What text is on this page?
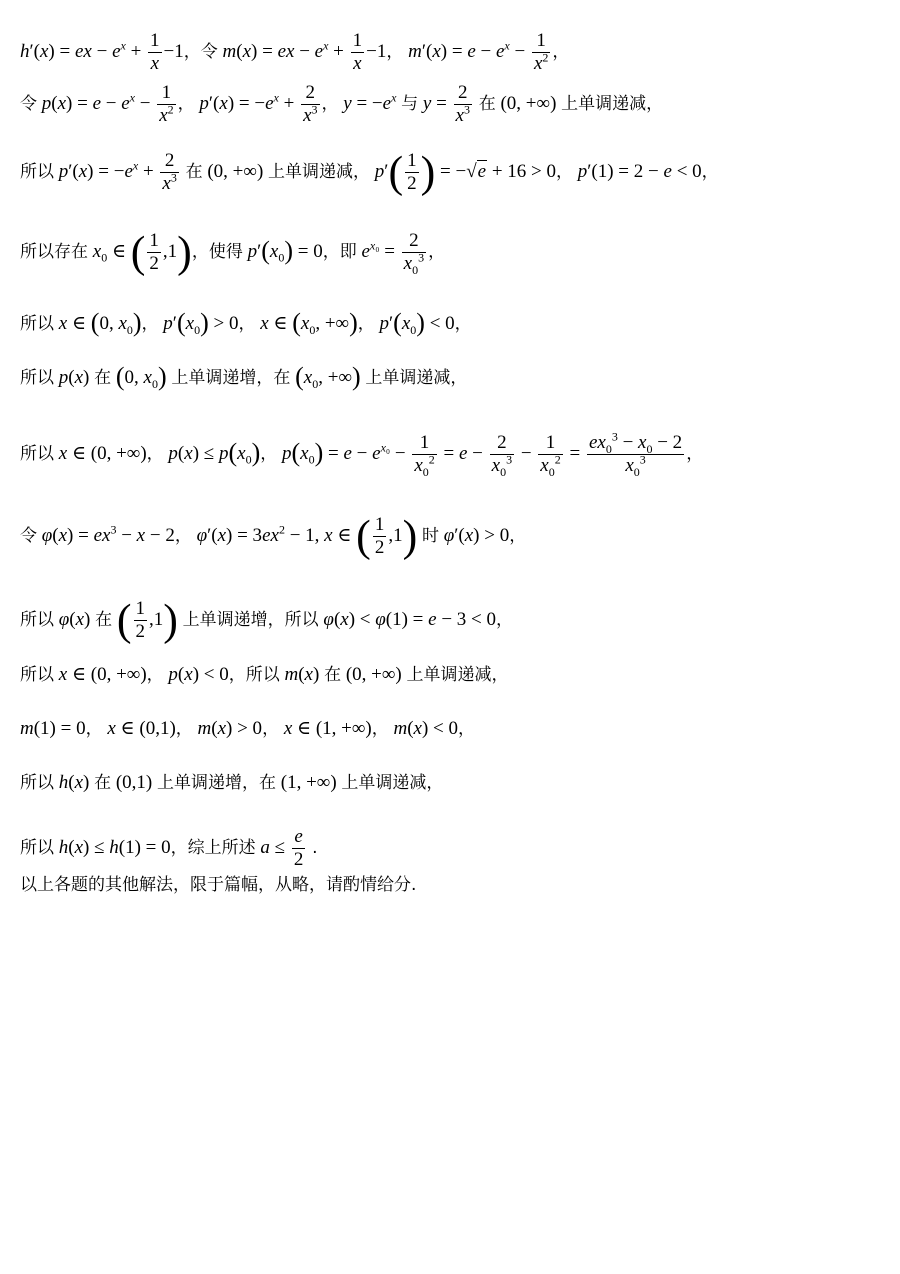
h′(x) = ex − $e^x + \frac{1}{x} -1$，令 m(x) = ex − $e^x + \frac{1}{x} -1$， $m'(x) = e - e^x - \frac{1}{x^2}$ ，
令 $p(x) = e - e^x - \frac{1}{x^2}$ ， $p'(x) = -e^x + \frac{2}{x^3}$ ， $y = -e^x$ 与 $y = \frac{2}{x^3}$ 在 (0, +∞) 上单调递减，
所以 $p'(x) = -e^x + \frac{2}{x^3}$ 在 (0, +∞) 上单调递减， $p'( \frac{1}{2}$ ) = −√e + 16 > 0， p′(1) = 2 − e < 0，
所以存在 $x_0$ ∈ ( $\frac{1}{2} ,1$)，使得 $p'(x_0) = 0$，即 $e^{x_0} = \frac{2}{x_0^3}$ ，
所以 x ∈ (0, $x_0$)， $p'(x_0) > 0$， x ∈ ($x_0$, +∞)， $p'(x_0) < 0$，
所以 p(x) 在 (0, $x_0$) 上单调递增，在 ($x_0$, +∞) 上单调递减，
所以 x ∈ (0, +∞)， $p(x) \le p(x_0)$， $p(x_0) = e - e^{x_0} - \frac{1}{x_0^2} = e - \frac{2}{x_0^3} - \frac{1}{x_0^2} = \frac{ex_0^3 - x_0 - 2}{x_0^3}$ ，
令 $\varphi(x) = ex^3 - x - 2$， $\varphi'(x) = 3ex^2 - 1$, x ∈ ( $\frac{1}{2} ,1$) 时 φ′(x) > 0，
所以 φ(x) 在 ( $\frac{1}{2} ,1$) 上单调递增，所以 φ(x) < φ(1) = e − 3 < 0，
所以 x ∈ (0, +∞)， p(x) < 0，所以 m(x) 在 (0, +∞) 上单调递减，
m(1) = 0， x ∈ (0,1)， m(x) > 0， x ∈ (1, +∞)， m(x) < 0，
所以 h(x) 在 (0,1) 上单调递增，在 (1, +∞) 上单调递减，
所以 h(x) ≤ h(1) = 0，综上所述 $a \le \frac{e}{2}$ .
以上各题的其他解法，限于篇幅，从略，请酌情给分.
